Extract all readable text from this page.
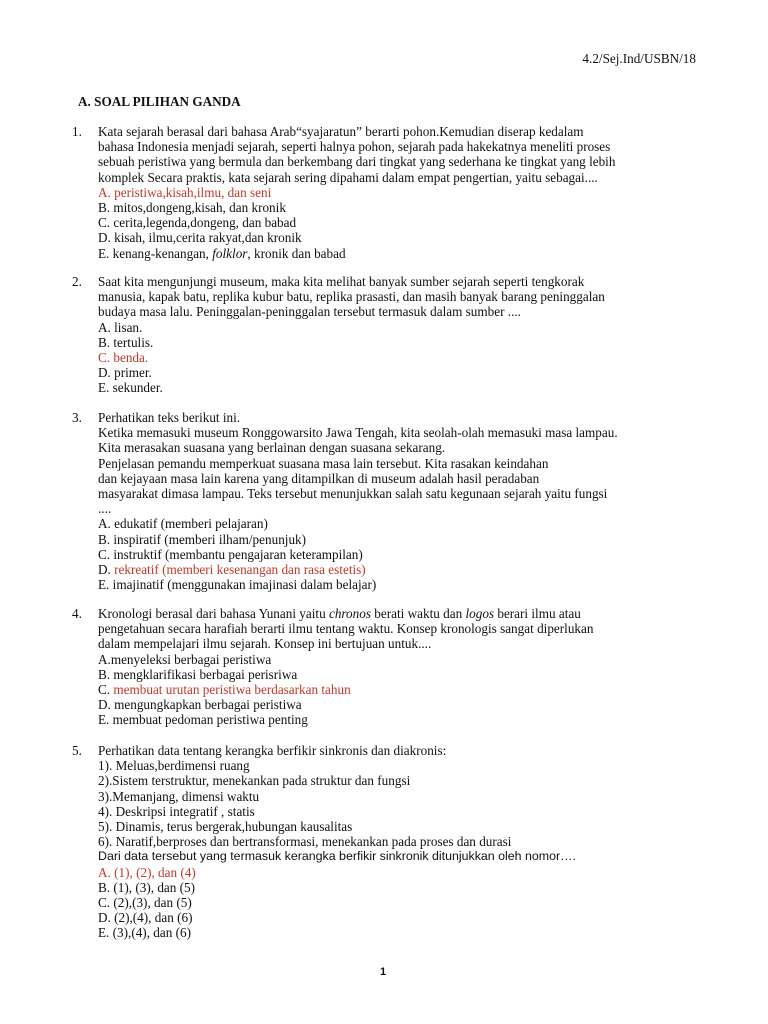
4.2/Sej.Ind/USBN/18
A. SOAL PILIHAN GANDA
1. Kata sejarah berasal dari bahasa Arab“syajaratun” berarti pohon.Kemudian diserap kedalam
bahasa Indonesia menjadi sejarah, seperti halnya pohon, sejarah pada hakekatnya meneliti proses
sebuah peristiwa yang bermula dan berkembang dari tingkat yang sederhana ke tingkat yang lebih
komplek Secara praktis, kata sejarah sering dipahami dalam empat pengertian, yaitu sebagai....
A. peristiwa,kisah,ilmu, dan seni
B. mitos,dongeng,kisah, dan kronik
C. cerita,legenda,dongeng, dan babad
D. kisah, ilmu,cerita rakyat,dan kronik
E. kenang-kenangan, folklor, kronik dan babad
2. Saat kita mengunjungi museum, maka kita melihat banyak sumber sejarah seperti tengkorak
manusia, kapak batu, replika kubur batu, replika prasasti, dan masih banyak barang peninggalan
budaya masa lalu. Peninggalan-peninggalan tersebut termasuk dalam sumber ....
A. lisan.
B. tertulis.
C. benda.
D. primer.
E. sekunder.
3. Perhatikan teks berikut ini.
Ketika memasuki museum Ronggowarsito Jawa Tengah, kita seolah-olah memasuki masa lampau.
Kita merasakan suasana yang berlainan dengan suasana sekarang.
Penjelasan pemandu memperkuat suasana masa lain tersebut. Kita rasakan keindahan
dan kejayaan masa lain karena yang ditampilkan di museum adalah hasil peradaban
masyarakat dimasa lampau. Teks tersebut menunjukkan salah satu kegunaan sejarah yaitu fungsi
....
A. edukatif (memberi pelajaran)
B. inspiratif (memberi ilham/penunjuk)
C. instruktif (membantu pengajaran keterampilan)
D. rekreatif (memberi kesenangan dan rasa estetis)
E. imajinatif (menggunakan imajinasi dalam belajar)
4. Kronologi berasal dari bahasa Yunani yaitu chronos berati waktu dan logos berari ilmu atau
pengetahuan secara harafiah berarti ilmu tentang waktu. Konsep kronologis sangat diperlukan
dalam mempelajari ilmu sejarah. Konsep ini bertujuan untuk....
A.menyeleksi berbagai peristiwa
B. mengklarifikasi berbagai perisriwa
C. membuat urutan peristiwa berdasarkan tahun
D. mengungkapkan berbagai peristiwa
E. membuat pedoman peristiwa penting
5. Perhatikan data tentang kerangka berfikir sinkronis dan diakronis:
1). Meluas,berdimensi ruang
2).Sistem terstruktur, menekankan pada struktur dan fungsi
3).Memanjang, dimensi waktu
4). Deskripsi integratif , statis
5). Dinamis, terus bergerak,hubungan kausalitas
6). Naratif,berproses dan bertransformasi, menekankan pada proses dan durasi
Dari data tersebut yang termasuk kerangka berfikir sinkronik ditunjukkan oleh nomor….
A. (1), (2), dan (4)
B. (1), (3), dan (5)
C. (2),(3), dan (5)
D. (2),(4), dan (6)
E. (3),(4), dan (6)
1
